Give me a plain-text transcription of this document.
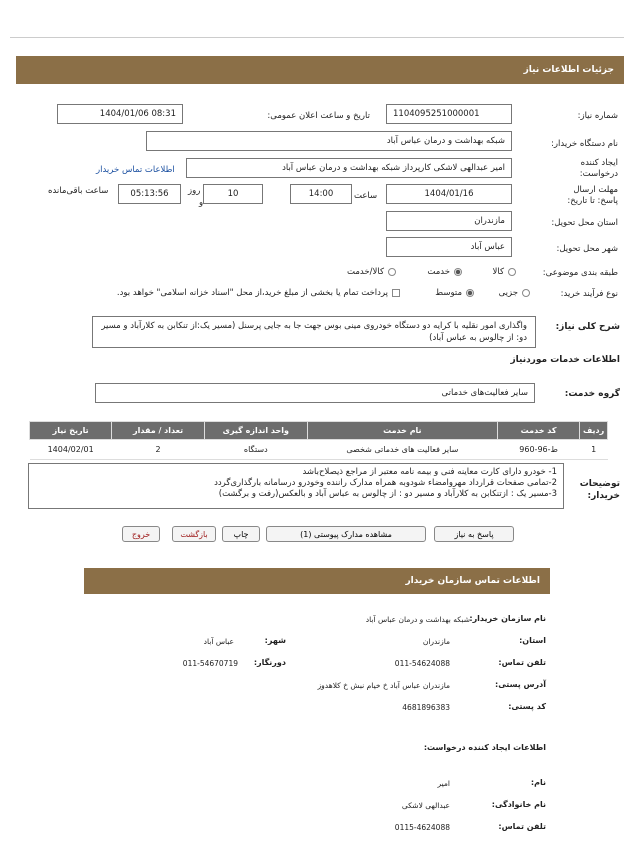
جزئیات اطلاعات نیاز
شماره نیاز:
1104095251000001
تاریخ و ساعت اعلان عمومی:
1404/01/06 08:31
نام دستگاه خریدار:
شبکه بهداشت و درمان عباس آباد
ایجاد کننده درخواست:
امیر عبدالهی لاشکی کارپرداز شبکه بهداشت و درمان عباس آباد
اطلاعات تماس خریدار
مهلت ارسال پاسخ: تا تاریخ:
1404/01/16
ساعت
14:00
10
روز
و
05:13:56
ساعت باقی‌مانده
استان محل تحویل:
مازندران
شهر محل تحویل:
عباس آباد
طبقه بندی موضوعی:
کالا
خدمت
کالا/خدمت
نوع فرآیند خرید:
جزیی
متوسط
پرداخت تمام یا بخشی از مبلغ خرید،از محل "اسناد خزانه اسلامی" خواهد بود.
شرح کلی نیاز:
واگذاری امور نقلیه با کرایه دو دستگاه خودروی مینی بوس جهت جا به جایی پرسنل (مسیر یک:از تنکابن به کلارآباد و مسیر دو: از چالوس به عباس آباد)
اطلاعات خدمات مورد‌نیاز
گروه خدمت:
سایر فعالیت‌های خدماتی
ردیف	کد خدمت	نام خدمت	واحد اندازه گیری	تعداد / مقدار	تاریخ نیاز
1	ط-96-960	سایر فعالیت های خدماتی شخصی	دستگاه	2	1404/02/01
توضیحات خریدار:
1- خودرو دارای کارت معاینه فنی و بیمه نامه معتبر از مراجع ذیصلاح‌باشد
2-تمامی صفحات قرارداد مهروامضاء شودوبه همراه مدارک راننده وخودرو درسامانه بارگذاری‌گردد
3-مسیر یک : ازتنکابن به کلارآباد و مسیر دو : از چالوس به عباس آباد و بالعکس(رفت و برگشت)
پاسخ به نیاز
مشاهده مدارک پیوستی (1)
چاپ
بازگشت
خروج
اطلاعات تماس سازمان خریدار
نام سازمان خریدار:
شبکه بهداشت و درمان عباس آباد
استان:
مازندران
شهر:
عباس آباد
تلفن تماس:
011-54624088
دورنگار:
011-54670719
آدرس پستی:
مازندران عباس آباد خ خیام نبش خ کلاهدوز
کد پستی:
4681896383
اطلاعات ایجاد کننده درخواست:
نام:
امیر
نام خانوادگی:
عبدالهی لاشکی
تلفن تماس:
0115-4624088
